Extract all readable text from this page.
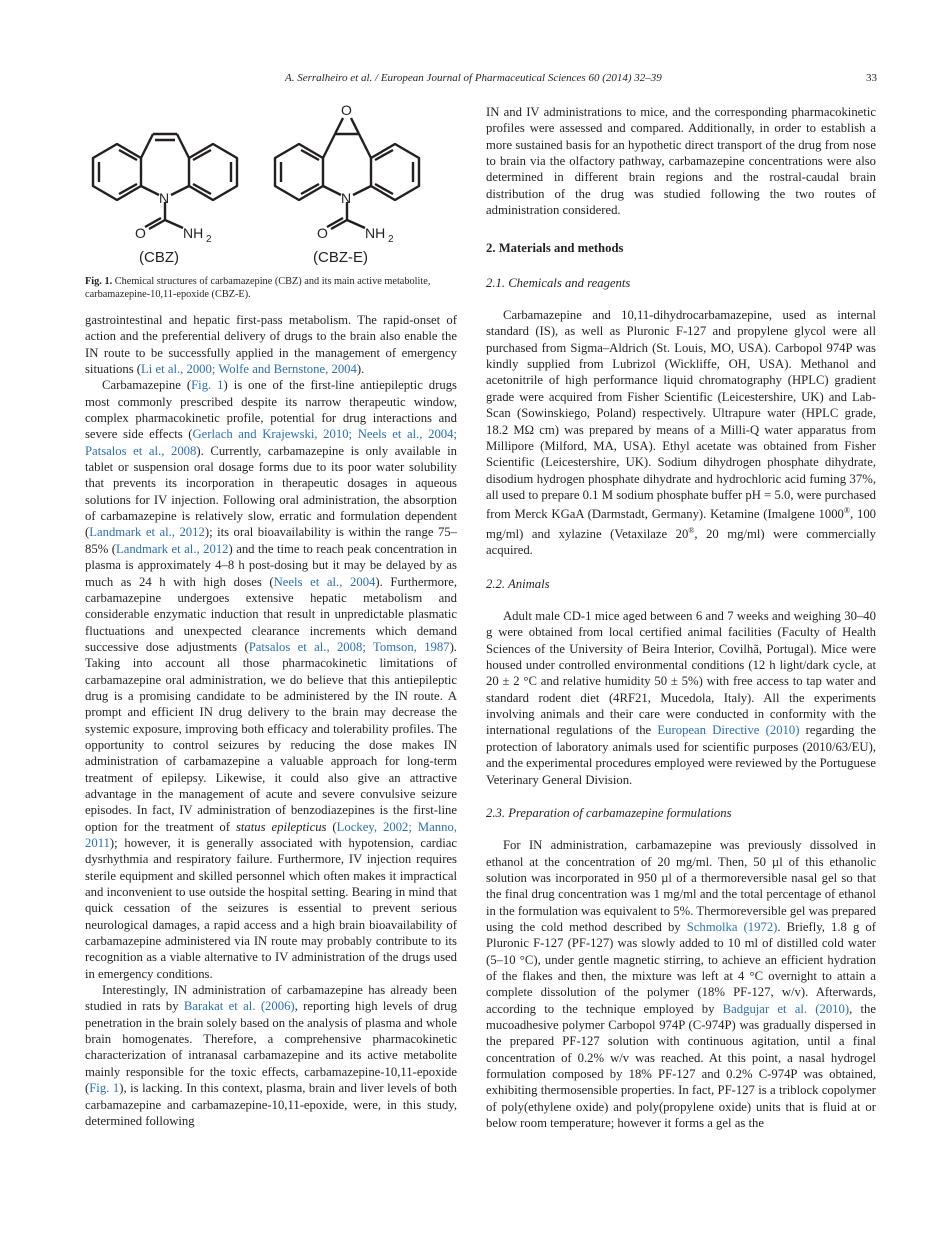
A. Serralheiro et al. / European Journal of Pharmaceutical Sciences 60 (2014) 32–39	33
N
O	NH 2
(CBZ)
N
O
O	NH 2
(CBZ-E)
Fig. 1. Chemical structures of carbamazepine (CBZ) and its main active metabolite, carbamazepine-10,11-epoxide (CBZ-E).

gastrointestinal and hepatic first-pass metabolism. The rapid-onset of action and the preferential delivery of drugs to the brain also enable the IN route to be successfully applied in the management of emergency situations (Li et al., 2000; Wolfe and Bernstone, 2004).

Carbamazepine (Fig. 1) is one of the first-line antiepileptic drugs most commonly prescribed despite its narrow therapeutic window, complex pharmacokinetic profile, potential for drug interactions and severe side effects (Gerlach and Krajewski, 2010; Neels et al., 2004; Patsalos et al., 2008). Currently, carbamazepine is only available in tablet or suspension oral dosage forms due to its poor water solubility that prevents its incorporation in therapeutic dosages in aqueous solutions for IV injection. Following oral administration, the absorption of carbamazepine is relatively slow, erratic and formulation dependent (Landmark et al., 2012); its oral bioavailability is within the range 75–85% (Landmark et al., 2012) and the time to reach peak concentration in plasma is approximately 4–8 h post-dosing but it may be delayed by as much as 24 h with high doses (Neels et al., 2004). Furthermore, carbamazepine undergoes extensive hepatic metabolism and considerable enzymatic induction that result in unpredictable plasmatic fluctuations and unexpected clearance increments which demand successive dose adjustments (Patsalos et al., 2008; Tomson, 1987). Taking into account all those pharmacokinetic limitations of carbamazepine oral administration, we do believe that this antiepileptic drug is a promising candidate to be administered by the IN route. A prompt and efficient IN drug delivery to the brain may decrease the systemic exposure, improving both efficacy and tolerability profiles. The opportunity to control seizures by reducing the dose makes IN administration of carbamazepine a valuable approach for long-term treatment of epilepsy. Likewise, it could also give an attractive advantage in the management of acute and severe convulsive seizure episodes. In fact, IV administration of benzodiazepines is the first-line option for the treatment of status epilepticus (Lockey, 2002; Manno, 2011); however, it is generally associated with hypotension, cardiac dysrhythmia and respiratory failure. Furthermore, IV injection requires sterile equipment and skilled personnel which often makes it impractical and inconvenient to use outside the hospital setting. Bearing in mind that quick cessation of the seizures is essential to prevent serious neurological damages, a rapid access and a high brain bioavailability of carbamazepine administered via IN route may probably contribute to its recognition as a viable alternative to IV administration of the drugs used in emergency conditions.

Interestingly, IN administration of carbamazepine has already been studied in rats by Barakat et al. (2006), reporting high levels of drug penetration in the brain solely based on the analysis of plasma and whole brain homogenates. Therefore, a comprehensive pharmacokinetic characterization of intranasal carbamazepine and its active metabolite mainly responsible for the toxic effects, carbamazepine-10,11-epoxide (Fig. 1), is lacking. In this context, plasma, brain and liver levels of both carbamazepine and carbamazepine-10,11-epoxide, were, in this study, determined following

IN and IV administrations to mice, and the corresponding pharmacokinetic profiles were assessed and compared. Additionally, in order to establish a more sustained basis for an hypothetic direct transport of the drug from nose to brain via the olfactory pathway, carbamazepine concentrations were also determined in different brain regions and the rostral-caudal brain distribution of the drug was studied following the two routes of administration considered.

2. Materials and methods
2.1. Chemicals and reagents

Carbamazepine and 10,11-dihydrocarbamazepine, used as internal standard (IS), as well as Pluronic F-127 and propylene glycol were all purchased from Sigma–Aldrich (St. Louis, MO, USA). Carbopol 974P was kindly supplied from Lubrizol (Wickliffe, OH, USA). Methanol and acetonitrile of high performance liquid chromatography (HPLC) gradient grade were acquired from Fisher Scientific (Leicestershire, UK) and Lab-Scan (Sowinskiego, Poland) respectively. Ultrapure water (HPLC grade, 18.2 MΩ cm) was prepared by means of a Milli-Q water apparatus from Millipore (Milford, MA, USA). Ethyl acetate was obtained from Fisher Scientific (Leicestershire, UK). Sodium dihydrogen phosphate dihydrate, disodium hydrogen phosphate dihydrate and hydrochloric acid fuming 37%, all used to prepare 0.1 M sodium phosphate buffer pH = 5.0, were purchased from Merck KGaA (Darmstadt, Germany). Ketamine (Imalgene 1000®, 100 mg/ml) and xylazine (Vetaxilaze 20®, 20 mg/ml) were commercially acquired.

2.2. Animals

Adult male CD-1 mice aged between 6 and 7 weeks and weighing 30–40 g were obtained from local certified animal facilities (Faculty of Health Sciences of the University of Beira Interior, Covilhã, Portugal). Mice were housed under controlled environmental conditions (12 h light/dark cycle, at 20 ± 2 °C and relative humidity 50 ± 5%) with free access to tap water and standard rodent diet (4RF21, Mucedola, Italy). All the experiments involving animals and their care were conducted in conformity with the international regulations of the European Directive (2010) regarding the protection of laboratory animals used for scientific purposes (2010/63/EU), and the experimental procedures employed were reviewed by the Portuguese Veterinary General Division.

2.3. Preparation of carbamazepine formulations

For IN administration, carbamazepine was previously dissolved in ethanol at the concentration of 20 mg/ml. Then, 50 µl of this ethanolic solution was incorporated in 950 µl of a thermoreversible nasal gel so that the final drug concentration was 1 mg/ml and the total percentage of ethanol in the formulation was equivalent to 5%. Thermoreversible gel was prepared using the cold method described by Schmolka (1972). Briefly, 1.8 g of Pluronic F-127 (PF-127) was slowly added to 10 ml of distilled cold water (5–10 °C), under gentle magnetic stirring, to achieve an efficient hydration of the flakes and then, the mixture was left at 4 °C overnight to attain a complete dissolution of the polymer (18% PF-127, w/v). Afterwards, according to the technique employed by Badgujar et al. (2010), the mucoadhesive polymer Carbopol 974P (C-974P) was gradually dispersed in the prepared PF-127 solution with continuous agitation, until a final concentration of 0.2% w/v was reached. At this point, a nasal hydrogel formulation composed by 18% PF-127 and 0.2% C-974P was obtained, exhibiting thermosensible properties. In fact, PF-127 is a triblock copolymer of poly(ethylene oxide) and poly(propylene oxide) units that is fluid at or below room temperature; however it forms a gel as the
